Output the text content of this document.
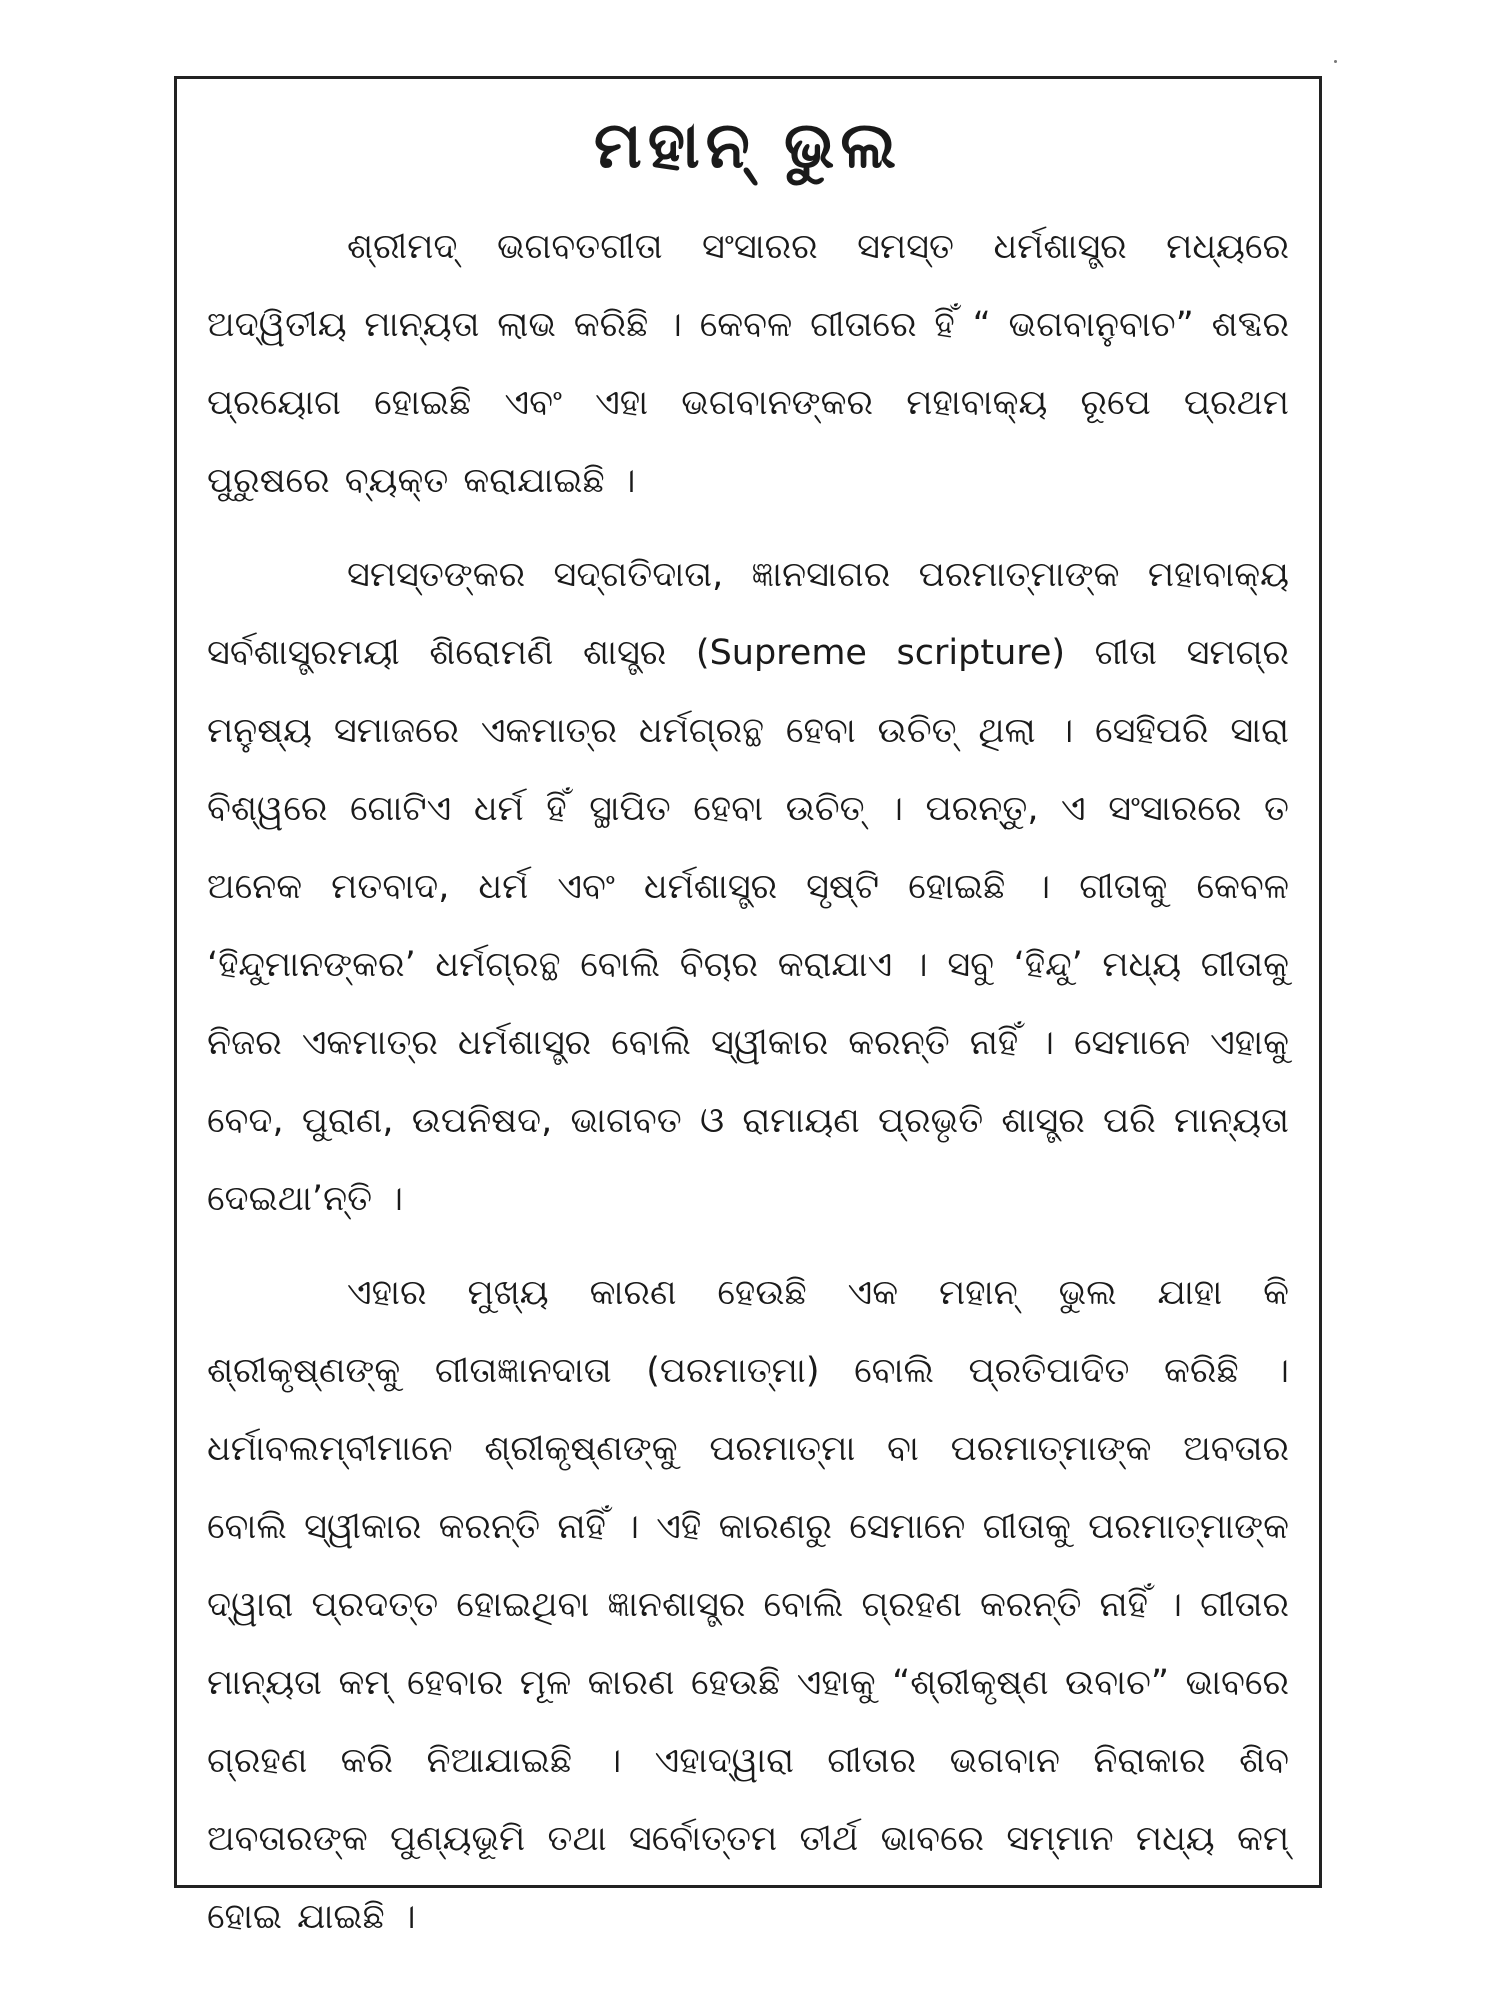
ମହାନ୍ ଭୁଲ

ଶ୍ରୀମଦ୍ ଭଗବତଗୀତା ସଂସାରର ସମସ୍ତ ଧର୍ମଶାସ୍ତ୍ର ମଧ୍ୟରେ ଅଦ୍ୱିତୀୟ ମାନ୍ୟତା ଲାଭ କରିଛି । କେବଳ ଗୀତାରେ ହିଁ “ ଭଗବାନୁବାଚ” ଶବ୍ଦର ପ୍ରୟୋଗ ହୋଇଛି ଏବଂ ଏହା ଭଗବାନଙ୍କର ମହାବାକ୍ୟ ରୂପେ ପ୍ରଥମ ପୁରୁଷରେ ବ୍ୟକ୍ତ କରାଯାଇଛି ।

ସମସ୍ତଙ୍କର ସଦ୍‌ଗତିଦାତା, ଜ୍ଞାନସାଗର ପରମାତ୍ମାଙ୍କ ମହାବାକ୍ୟ ସର୍ବଶାସ୍ତ୍ରମୟୀ ଶିରୋମଣି ଶାସ୍ତ୍ର (Supreme scripture) ଗୀତା ସମଗ୍ର ମନୁଷ୍ୟ ସମାଜରେ ଏକମାତ୍ର ଧର୍ମଗ୍ରନ୍ଥ ହେବା ଉଚିତ୍ ଥିଲା । ସେହିପରି ସାରା ବିଶ୍ୱରେ ଗୋଟିଏ ଧର୍ମ ହିଁ ସ୍ଥାପିତ ହେବା ଉଚିତ୍ । ପରନ୍ତୁ, ଏ ସଂସାରରେ ତ ଅନେକ ମତବାଦ, ଧର୍ମ ଏବଂ ଧର୍ମଶାସ୍ତ୍ର ସୃଷ୍ଟି ହୋଇଛି । ଗୀତାକୁ କେବଳ ‘ହିନ୍ଦୁମାନଙ୍କର’ ଧର୍ମଗ୍ରନ୍ଥ ବୋଲି ବିଚାର କରାଯାଏ । ସବୁ ‘ହିନ୍ଦୁ’ ମଧ୍ୟ ଗୀତାକୁ ନିଜର ଏକମାତ୍ର ଧର୍ମଶାସ୍ତ୍ର ବୋଲି ସ୍ୱୀକାର କରନ୍ତି ନାହିଁ । ସେମାନେ ଏହାକୁ ବେଦ, ପୁରାଣ, ଉପନିଷଦ, ଭାଗବତ ଓ ରାମାୟଣ ପ୍ରଭୃତି ଶାସ୍ତ୍ର ପରି ମାନ୍ୟତା ଦେଇଥା’ନ୍ତି ।

ଏହାର ମୁଖ୍ୟ କାରଣ ହେଉଛି ଏକ ମହାନ୍ ଭୁଲ ଯାହା କି ଶ୍ରୀକୃଷ୍ଣଙ୍କୁ ଗୀତାଜ୍ଞାନଦାତା (ପରମାତ୍ମା) ବୋଲି ପ୍ରତିପାଦିତ କରିଛି । ଧର୍ମାବଲମ୍ବୀମାନେ ଶ୍ରୀକୃଷ୍ଣଙ୍କୁ ପରମାତ୍ମା ବା ପରମାତ୍ମାଙ୍କ ଅବତାର ବୋଲି ସ୍ୱୀକାର କରନ୍ତି ନାହିଁ । ଏହି କାରଣରୁ ସେମାନେ ଗୀତାକୁ ପରମାତ୍ମାଙ୍କ ଦ୍ୱାରା ପ୍ରଦତ୍ତ ହୋଇଥିବା ଜ୍ଞାନଶାସ୍ତ୍ର ବୋଲି ଗ୍ରହଣ କରନ୍ତି ନାହିଁ । ଗୀତାର ମାନ୍ୟତା କମ୍ ହେବାର ମୂଳ କାରଣ ହେଉଛି ଏହାକୁ “ଶ୍ରୀକୃଷ୍ଣ ଉବାଚ” ଭାବରେ ଗ୍ରହଣ କରି ନିଆଯାଇଛି । ଏହାଦ୍ୱାରା ଗୀତାର ଭଗବାନ ନିରାକାର ଶିବ ଅବତାରଙ୍କ ପୁଣ୍ୟଭୂମି ତଥା ସର୍ବୋତ୍ତମ ତୀର୍ଥ ଭାବରେ ସମ୍ମାନ ମଧ୍ୟ କମ୍ ହୋଇ ଯାଇଛି ।
